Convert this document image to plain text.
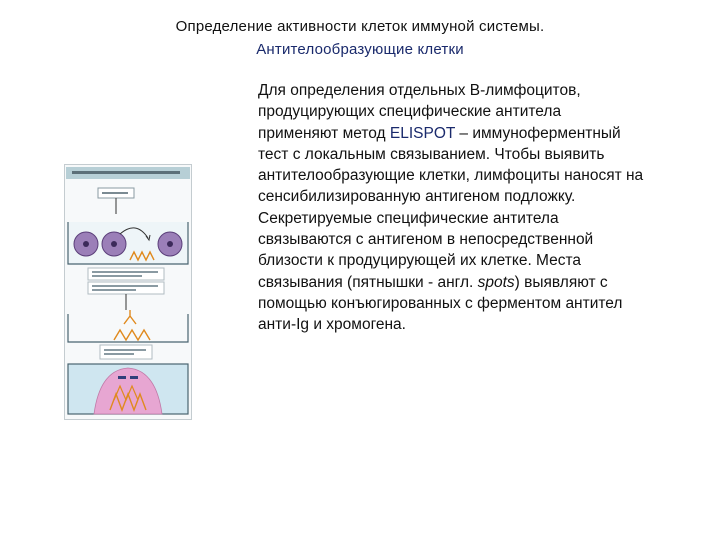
Определение активности клеток иммуной системы.
Антителообразующие клетки
Для определения отдельных В-лимфоцитов,
продуцирующих специфические антитела
применяют метод ELISPOT – иммуноферментный
тест с локальным связыванием. Чтобы выявить
антителообразующие клетки, лимфоциты наносят на
сенсибилизированную антигеном подложку.
Секретируемые специфические антитела
связываются с антигеном в непосредственной
близости к продуцирующей их клетке. Места
связывания (пятнышки - англ. spots) выявляют с
помощью конъюгированных с ферментом антител
анти-Ig и хромогена.
